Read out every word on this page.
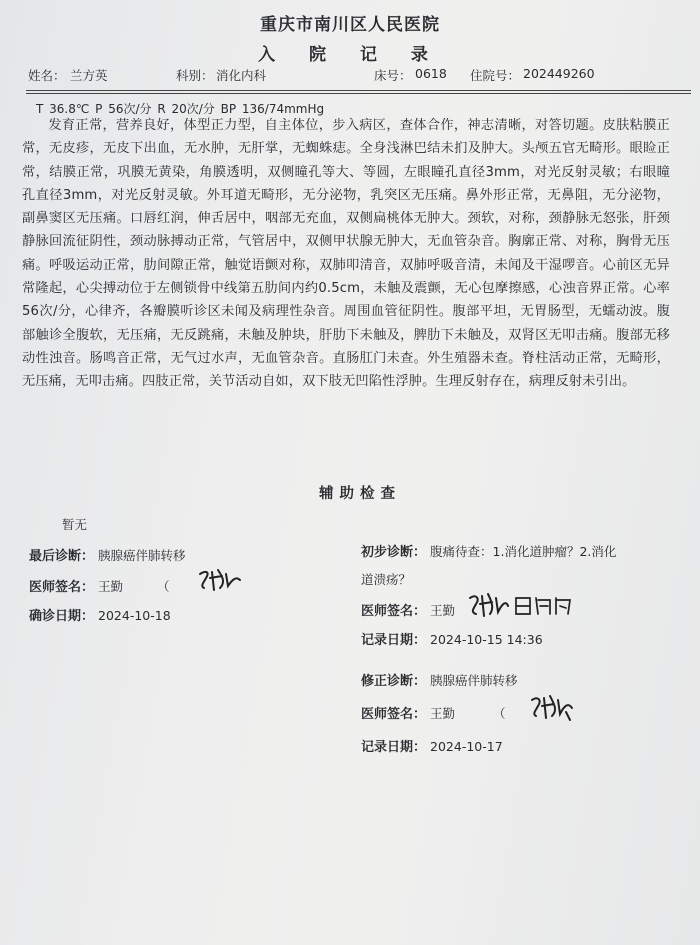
重庆市南川区人民医院
入 院 记 录
姓名： 兰方英	科别： 消化内科	床号： 0618 住院号： 202449260
T 36.8℃ P 56次/分 R 20次/分 BP 136/74mmHg
发育正常，营养良好，体型正力型，自主体位，步入病区，查体合作，神志清晰，对答切题。皮肤粘膜正常，无皮疹，无皮下出血，无水肿，无肝掌，无蜘蛛痣。全身浅淋巴结未扪及肿大。头颅五官无畸形。眼睑正常，结膜正常，巩膜无黄染，角膜透明，双侧瞳孔等大、等圆，左眼瞳孔直径3mm，对光反射灵敏；右眼瞳孔直径3mm，对光反射灵敏。外耳道无畸形，无分泌物，乳突区无压痛。鼻外形正常，无鼻阻，无分泌物，副鼻窦区无压痛。口唇红润，伸舌居中，咽部无充血，双侧扁桃体无肿大。颈软，对称，颈静脉无怒张，肝颈静脉回流征阴性，颈动脉搏动正常，气管居中，双侧甲状腺无肿大，无血管杂音。胸廓正常、对称，胸骨无压痛。呼吸运动正常，肋间隙正常，触觉语颤对称，双肺叩清音，双肺呼吸音清，未闻及干湿啰音。心前区无异常隆起，心尖搏动位于左侧锁骨中线第五肋间内约0.5cm，未触及震颤，无心包摩擦感，心浊音界正常。心率56次/分，心律齐，各瓣膜听诊区未闻及病理性杂音。周围血管征阴性。腹部平坦，无胃肠型，无蠕动波。腹部触诊全腹软，无压痛，无反跳痛，未触及肿块，肝肋下未触及，脾肋下未触及，双肾区无叩击痛。腹部无移动性浊音。肠鸣音正常，无气过水声，无血管杂音。直肠肛门未查。外生殖器未查。脊柱活动正常，无畸形，无压痛，无叩击痛。四肢正常，关节活动自如，双下肢无凹陷性浮肿。生理反射存在，病理反射未引出。
辅助检查
暂无
最后诊断： 胰腺癌伴肺转移
医师签名： 王勤	（
确诊日期： 2024-10-18
初步诊断： 腹痛待查：1.消化道肿瘤？2.消化
道溃疡？
医师签名： 王勤
记录日期： 2024-10-15 14:36
修正诊断： 胰腺癌伴肺转移
医师签名： 王勤	（
记录日期： 2024-10-17
